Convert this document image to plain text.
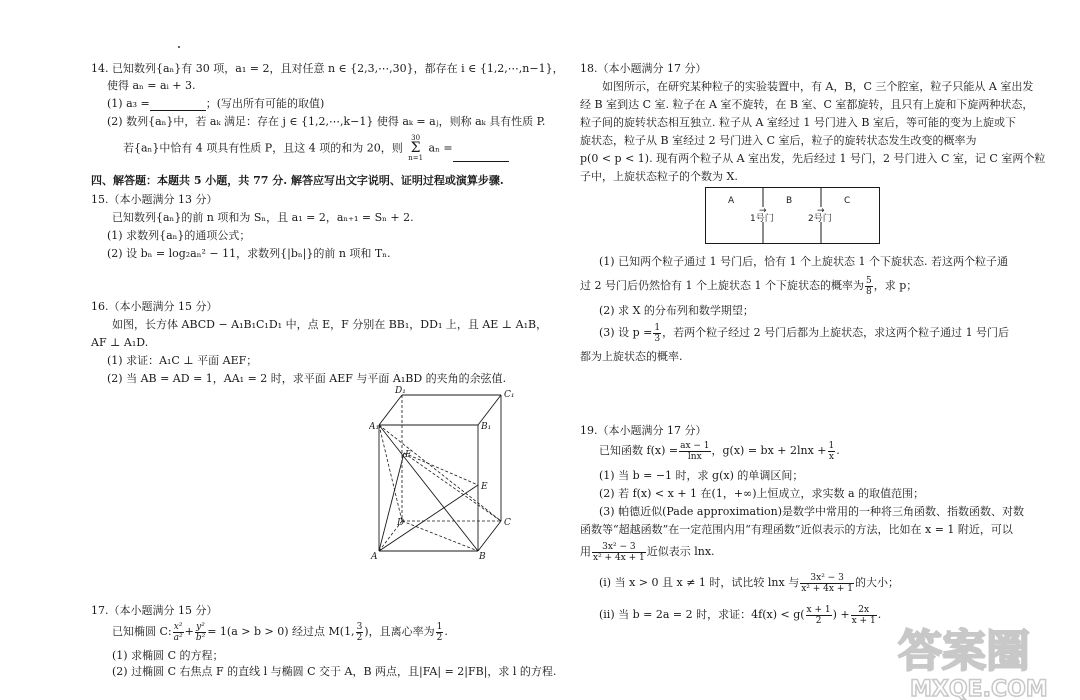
14. 已知数列{aₙ}有 30 项，a₁ = 2，且对任意 n ∈ {2,3,⋯,30}，都存在 i ∈ {1,2,⋯,n−1}，
使得 aₙ = aᵢ + 3.
(1) a₃ =	；(写出所有可能的取值)
(2) 数列{aₙ}中，若 aₖ 满足：存在 j ∈ {1,2,⋯,k−1} 使得 aₖ = aⱼ，则称 aₖ 具有性质 P.
若{aₙ}中恰有 4 项具有性质 P，且这 4 项的和为 20，则 30
Σ
n=1 aₙ =
四、解答题：本题共 5 小题，共 77 分. 解答应写出文字说明、证明过程或演算步骤.
15.（本小题满分 13 分）
已知数列{aₙ}的前 n 项和为 Sₙ，且 a₁ = 2，aₙ₊₁ = Sₙ + 2.
(1) 求数列{aₙ}的通项公式；
(2) 设 bₙ = log₂aₙ² − 11，求数列{|bₙ|}的前 n 项和 Tₙ.
16.（本小题满分 15 分）
如图，长方体 ABCD − A₁B₁C₁D₁ 中，点 E，F 分别在 BB₁，DD₁ 上，且 AE ⊥ A₁B，
AF ⊥ A₁D.
(1) 求证：A₁C ⊥ 平面 AEF；
(2) 当 AB = AD = 1，AA₁ = 2 时，求平面 AEF 与平面 A₁BD 的夹角的余弦值.
D₁	C₁
A₁	B₁
F
E
D	C
A	B
17.（本小题满分 15 分）
已知椭圆 C: $\frac{\text{x²}}{\text{a²}} + \frac{\text{y²}}{\text{b²}} = 1(a > b > 0)$ 经过点 M(1, $\frac{3}{2}$ )，且离心率为 $\frac{1}{2}$ .
(1) 求椭圆 C 的方程；
(2) 过椭圆 C 右焦点 F 的直线 l 与椭圆 C 交于 A，B 两点，且|FA| = 2|FB|，求 l 的方程.
18.（本小题满分 17 分）
如图所示，在研究某种粒子的实验装置中，有 A，B，C 三个腔室，粒子只能从 A 室出发
经 B 室到达 C 室. 粒子在 A 室不旋转，在 B 室、C 室都旋转，且只有上旋和下旋两种状态，
粒子间的旋转状态相互独立. 粒子从 A 室经过 1 号门进入 B 室后，等可能的变为上旋或下
旋状态，粒子从 B 室经过 2 号门进入 C 室后，粒子的旋转状态发生改变的概率为
p(0 < p < 1). 现有两个粒子从 A 室出发，先后经过 1 号门，2 号门进入 C 室，记 C 室两个粒
子中，上旋状态粒子的个数为 X.
(1) 已知两个粒子通过 1 号门后，恰有 1 个上旋状态 1 个下旋状态. 若这两个粒子通
过 2 号门后仍然恰有 1 个上旋状态 1 个下旋状态的概率为 $\frac{5}{8}$ ，求 p；
(2) 求 X 的分布列和数学期望；
(3) 设 $p = \frac{1}{3}$ ，若两个粒子经过 2 号门后都为上旋状态，求这两个粒子通过 1 号门后
都为上旋状态的概率.
19.（本小题满分 17 分）
已知函数 $f(x) = \frac{ax - 1}{\ln x}$ ，g(x) = bx + $2\ln x + \frac{1}{x}$ .
(1) 当 b = −1 时，求 g(x) 的单调区间；
(2) 若 f(x) < x + 1 在(1，+∞)上恒成立，求实数 a 的取值范围；
(3) 帕德近似(Pade approximation)是数学中常用的一种将三角函数、指数函数、对数
函数等“超越函数”在一定范围内用“有理函数”近似表示的方法，比如在 x = 1 附近，可以
用 $\frac{\text{3x² − 3}}{\text{x² + 4x + 1}}$ 近似表示 lnx.
(ⅰ) 当 x > 0 且 x ≠ 1 时，试比较 lnx 与 $\frac{\text{3x² − 3}}{\text{x² + 4x + 1}}$ 的大小；
(ⅱ) 当 b = 2a = 2 时，求证：$4f(x) < g( \frac{x + 1}{2}$ ) + $\frac{2x}{x + 1}$ .
A	B	C
→	→
1号门	2号门
答案圈
MXQE.COM
